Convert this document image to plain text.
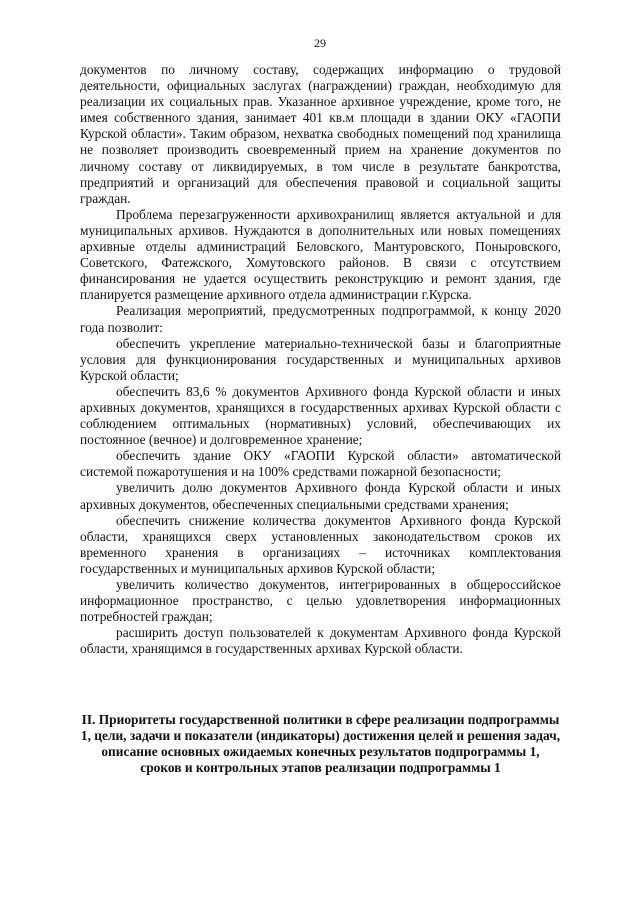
29

документов по личному составу, содержащих информацию о трудовой деятельности, официальных заслугах (награждении) граждан, необходимую для реализации их социальных прав. Указанное архивное учреждение, кроме того, не имея собственного здания, занимает 401 кв.м площади в здании ОКУ «ГАОПИ Курской области». Таким образом, нехватка свободных помещений под хранилища не позволяет производить своевременный прием на хранение документов по личному составу от ликвидируемых, в том числе в результате банкротства, предприятий и организаций для обеспечения правовой и социальной защиты граждан.

Проблема перезагруженности архивохранилищ является актуальной и для муниципальных архивов. Нуждаются в дополнительных или новых помещениях архивные отделы администраций Беловского, Мантуровского, Поныровского, Советского, Фатежского, Хомутовского районов. В связи с отсутствием финансирования не удается осуществить реконструкцию и ремонт здания, где планируется размещение архивного отдела администрации г.Курска.

Реализация мероприятий, предусмотренных подпрограммой, к концу 2020 года позволит:

обеспечить укрепление материально-технической базы и благоприятные условия для функционирования государственных и муниципальных архивов Курской области;

обеспечить 83,6 % документов Архивного фонда Курской области и иных архивных документов, хранящихся в государственных архивах Курской области с соблюдением оптимальных (нормативных) условий, обеспечивающих их постоянное (вечное) и долговременное хранение;

обеспечить здание ОКУ «ГАОПИ Курской области» автоматической системой пожаротушения и на 100% средствами пожарной безопасности;

увеличить долю документов Архивного фонда Курской области и иных архивных документов, обеспеченных специальными средствами хранения;

обеспечить снижение количества документов Архивного фонда Курской области, хранящихся сверх установленных законодательством сроков их временного хранения в организациях – источниках комплектования государственных и муниципальных архивов Курской области;

увеличить количество документов, интегрированных в общероссийское информационное пространство, с целью удовлетворения информационных потребностей граждан;

расширить доступ пользователей к документам Архивного фонда Курской области, хранящимся в государственных архивах Курской области.

II. Приоритеты государственной политики в сфере реализации подпрограммы 1, цели, задачи и показатели (индикаторы) достижения целей и решения задач, описание основных ожидаемых конечных результатов подпрограммы 1, сроков и контрольных этапов реализации подпрограммы 1
